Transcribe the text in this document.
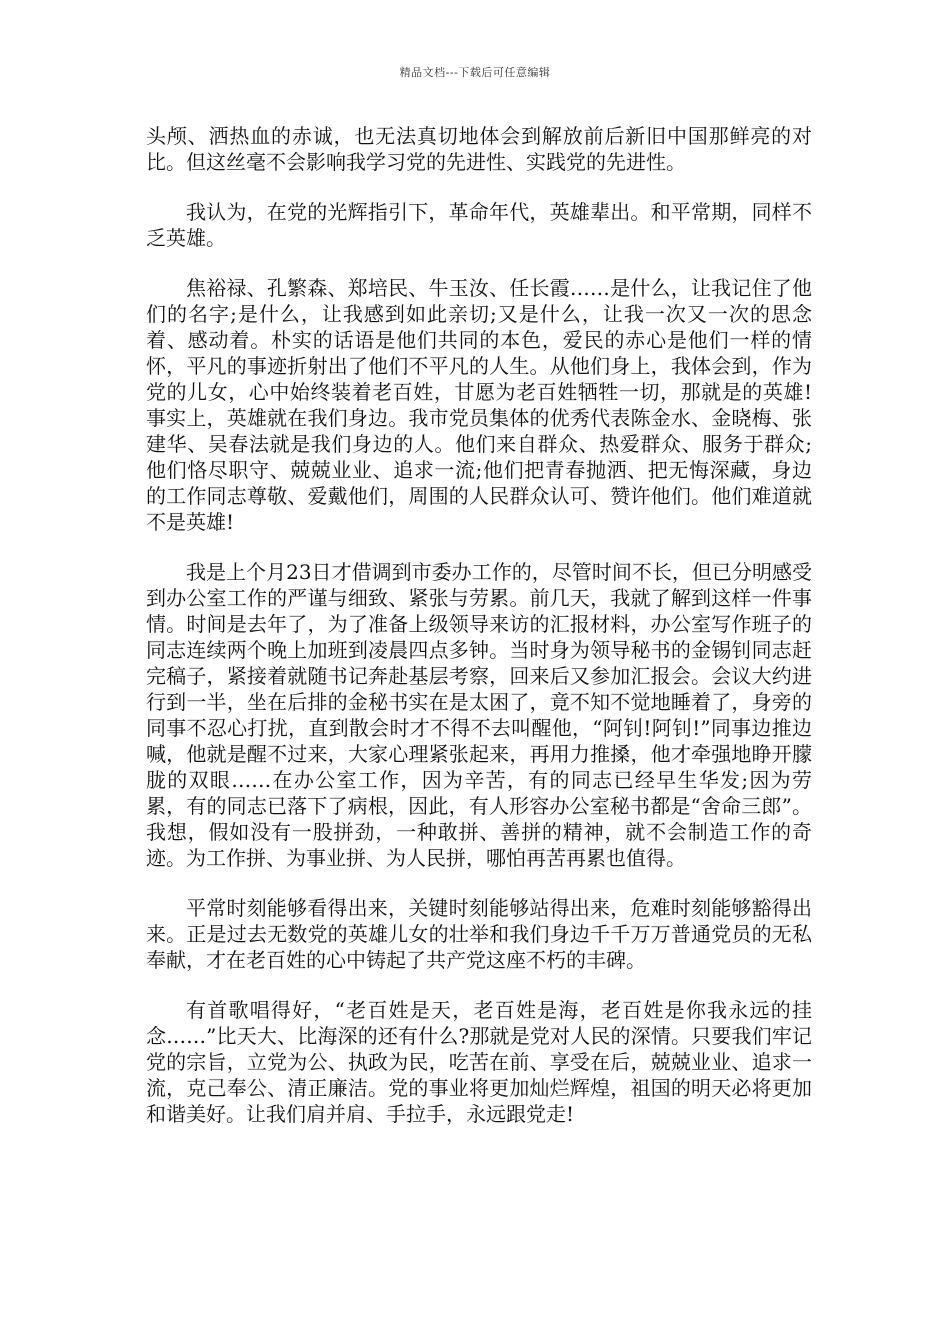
精品文档---下载后可任意编辑

头颅、洒热血的赤诚，也无法真切地体会到解放前后新旧中国那鲜亮的对比。但这丝毫不会影响我学习党的先进性、实践党的先进性。

我认为，在党的光辉指引下，革命年代，英雄辈出。和平常期，同样不乏英雄。

焦裕禄、孔繁森、郑培民、牛玉汝、任长霞……是什么，让我记住了他们的名字;是什么，让我感到如此亲切;又是什么，让我一次又一次的思念着、感动着。朴实的话语是他们共同的本色，爱民的赤心是他们一样的情怀，平凡的事迹折射出了他们不平凡的人生。从他们身上，我体会到，作为党的儿女，心中始终装着老百姓，甘愿为老百姓牺牲一切，那就是的英雄!事实上，英雄就在我们身边。我市党员集体的优秀代表陈金水、金晓梅、张建华、吴春法就是我们身边的人。他们来自群众、热爱群众、服务于群众;他们恪尽职守、兢兢业业、追求一流;他们把青春抛洒、把无悔深藏，身边的工作同志尊敬、爱戴他们，周围的人民群众认可、赞许他们。他们难道就不是英雄!

我是上个月23日才借调到市委办工作的，尽管时间不长，但已分明感受到办公室工作的严谨与细致、紧张与劳累。前几天，我就了解到这样一件事情。时间是去年了，为了准备上级领导来访的汇报材料，办公室写作班子的同志连续两个晚上加班到凌晨四点多钟。当时身为领导秘书的金锡钊同志赶完稿子，紧接着就随书记奔赴基层考察，回来后又参加汇报会。会议大约进行到一半，坐在后排的金秘书实在是太困了，竟不知不觉地睡着了，身旁的同事不忍心打扰，直到散会时才不得不去叫醒他，“阿钊!阿钊!”同事边推边喊，他就是醒不过来，大家心理紧张起来，再用力推搡，他才牵强地睁开朦胧的双眼……在办公室工作，因为辛苦，有的同志已经早生华发;因为劳累，有的同志已落下了病根，因此，有人形容办公室秘书都是“舍命三郎”。我想，假如没有一股拼劲，一种敢拼、善拼的精神，就不会制造工作的奇迹。为工作拼、为事业拼、为人民拼，哪怕再苦再累也值得。

平常时刻能够看得出来，关键时刻能够站得出来，危难时刻能够豁得出来。正是过去无数党的英雄儿女的壮举和我们身边千千万万普通党员的无私奉献，才在老百姓的心中铸起了共产党这座不朽的丰碑。

有首歌唱得好，“老百姓是天，老百姓是海，老百姓是你我永远的挂念……”比天大、比海深的还有什么?那就是党对人民的深情。只要我们牢记党的宗旨，立党为公、执政为民，吃苦在前、享受在后，兢兢业业、追求一流，克己奉公、清正廉洁。党的事业将更加灿烂辉煌，祖国的明天必将更加和谐美好。让我们肩并肩、手拉手，永远跟党走!
